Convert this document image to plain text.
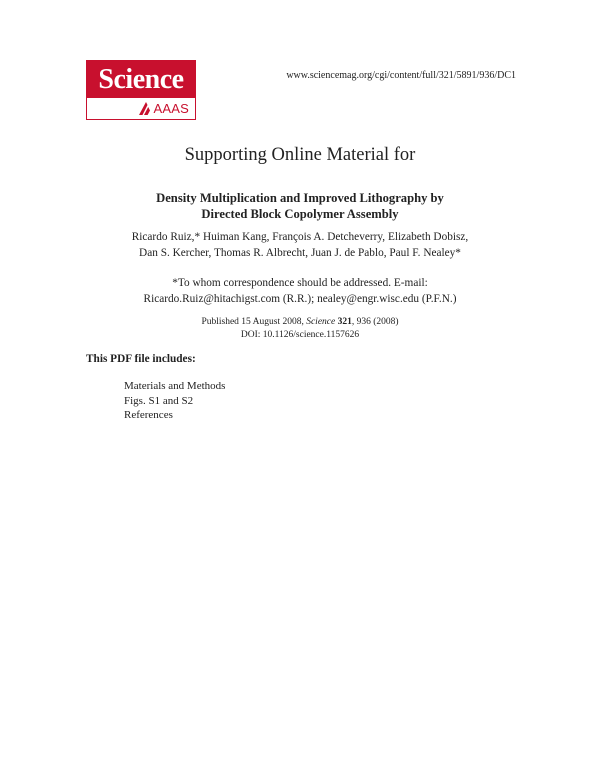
Science
AAAS
www.sciencemag.org/cgi/content/full/321/5891/936/DC1
Supporting Online Material for
Density Multiplication and Improved Lithography by
Directed Block Copolymer Assembly
Ricardo Ruiz,* Huiman Kang, François A. Detcheverry, Elizabeth Dobisz,
Dan S. Kercher, Thomas R. Albrecht, Juan J. de Pablo, Paul F. Nealey*
*To whom correspondence should be addressed. E-mail:
Ricardo.Ruiz@hitachigst.com (R.R.); nealey@engr.wisc.edu (P.F.N.)
Published 15 August 2008, Science 321, 936 (2008)
DOI: 10.1126/science.1157626
This PDF file includes:
Materials and Methods
Figs. S1 and S2
References
